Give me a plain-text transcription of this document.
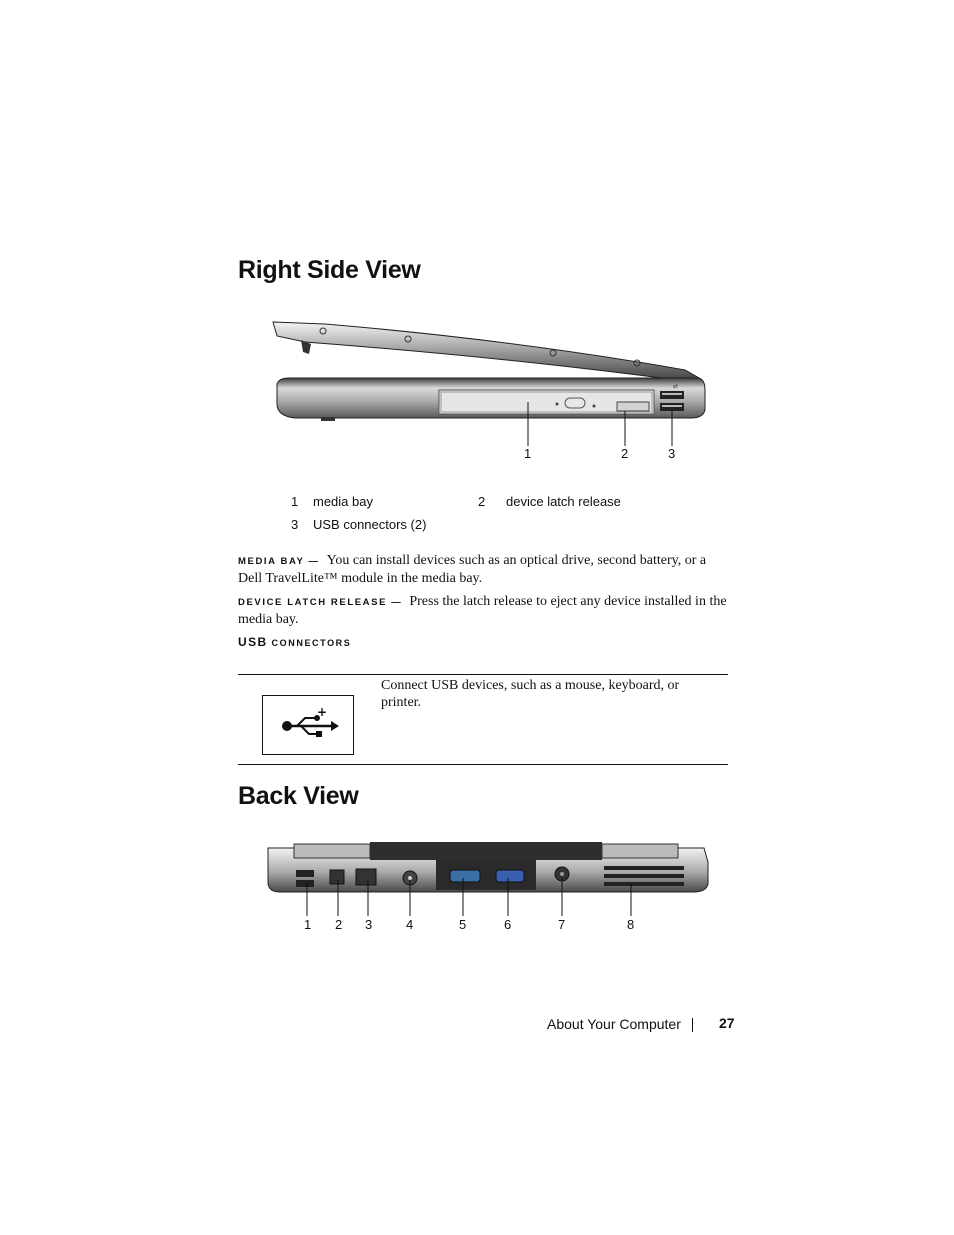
Right Side View
⇄
1	2	3
1 media bay	2 device latch release
3 USB connectors (2)
MEDIA BAY — You can install devices such as an optical drive, second battery, or a
Dell TravelLite™ module in the media bay.
DEVICE LATCH RELEASE — Press the latch release to eject any device installed in the
media bay.
USB CONNECTORS
+
Connect USB devices, such as a mouse, keyboard, or
printer.
Back View
1 2 3	4	5	6	7	8
About Your Computer	27
